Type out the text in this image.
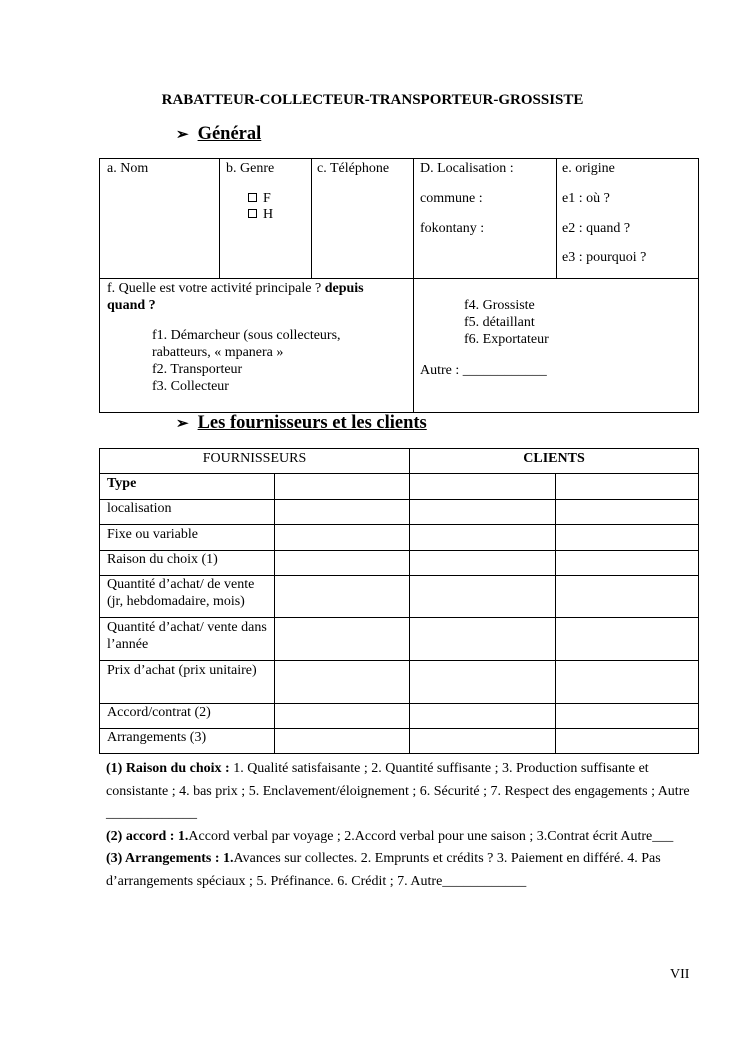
RABATTEUR-COLLECTEUR-TRANSPORTEUR-GROSSISTE
➢ Général
a. Nom	b. Genre
F
H
c. Téléphone D. Localisation :
commune :
fokontany :
e. origine
e1 : où ?
e2 : quand ?
e3 : pourquoi ?
f. Quelle est votre activité principale ? depuis
quand ?
f1. Démarcheur (sous collecteurs,
rabatteurs, « mpanera »
f2. Transporteur
f3. Collecteur
f4. Grossiste
f5. détaillant
f6. Exportateur
Autre : ____________
➢ Les fournisseurs et les clients
FOURNISSEURS	CLIENTS
Type
localisation
Fixe ou variable
Raison du choix (1)
Quantité d’achat/ de vente (jr, hebdomadaire, mois)
Quantité d’achat/ vente dans l’année
Prix d’achat (prix unitaire)
Accord/contrat (2)
Arrangements (3)

(1) Raison du choix : 1. Qualité satisfaisante ; 2. Quantité suffisante ; 3. Production suffisante et consistante ; 4. bas prix ; 5. Enclavement/éloignement ; 6. Sécurité ; 7. Respect des engagements ; Autre _____________

(2) accord : 1.Accord verbal par voyage ; 2.Accord verbal pour une saison ; 3.Contrat écrit Autre___

(3) Arrangements : 1.Avances sur collectes. 2. Emprunts et crédits ? 3. Paiement en différé. 4. Pas d’arrangements spéciaux ; 5. Préfinance. 6. Crédit ; 7. Autre____________

VII
